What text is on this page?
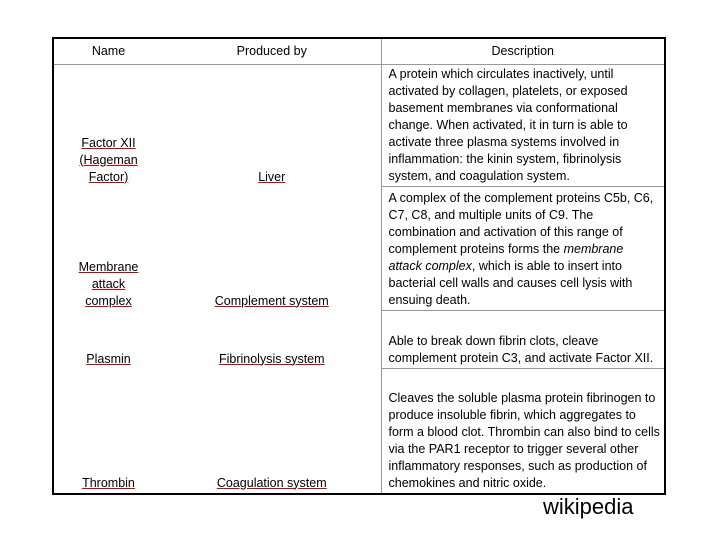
Name	Produced by	Description
Factor XII (Hageman Factor)	Liver	A protein which circulates inactively, until activated by collagen, platelets, or exposed basement membranes via conformational change. When activated, it in turn is able to activate three plasma systems involved in inflammation: the kinin system, fibrinolysis system, and coagulation system.
Membrane attack complex	Complement system	A complex of the complement proteins C5b, C6, C7, C8, and multiple units of C9. The combination and activation of this range of complement proteins forms the membrane attack complex, which is able to insert into bacterial cell walls and causes cell lysis with ensuing death.
Plasmin	Fibrinolysis system	Able to break down fibrin clots, cleave complement protein C3, and activate Factor XII.
Thrombin	Coagulation system	Cleaves the soluble plasma protein fibrinogen to produce insoluble fibrin, which aggregates to form a blood clot. Thrombin can also bind to cells via the PAR1 receptor to trigger several other inflammatory responses, such as production of chemokines and nitric oxide.
wikipedia
